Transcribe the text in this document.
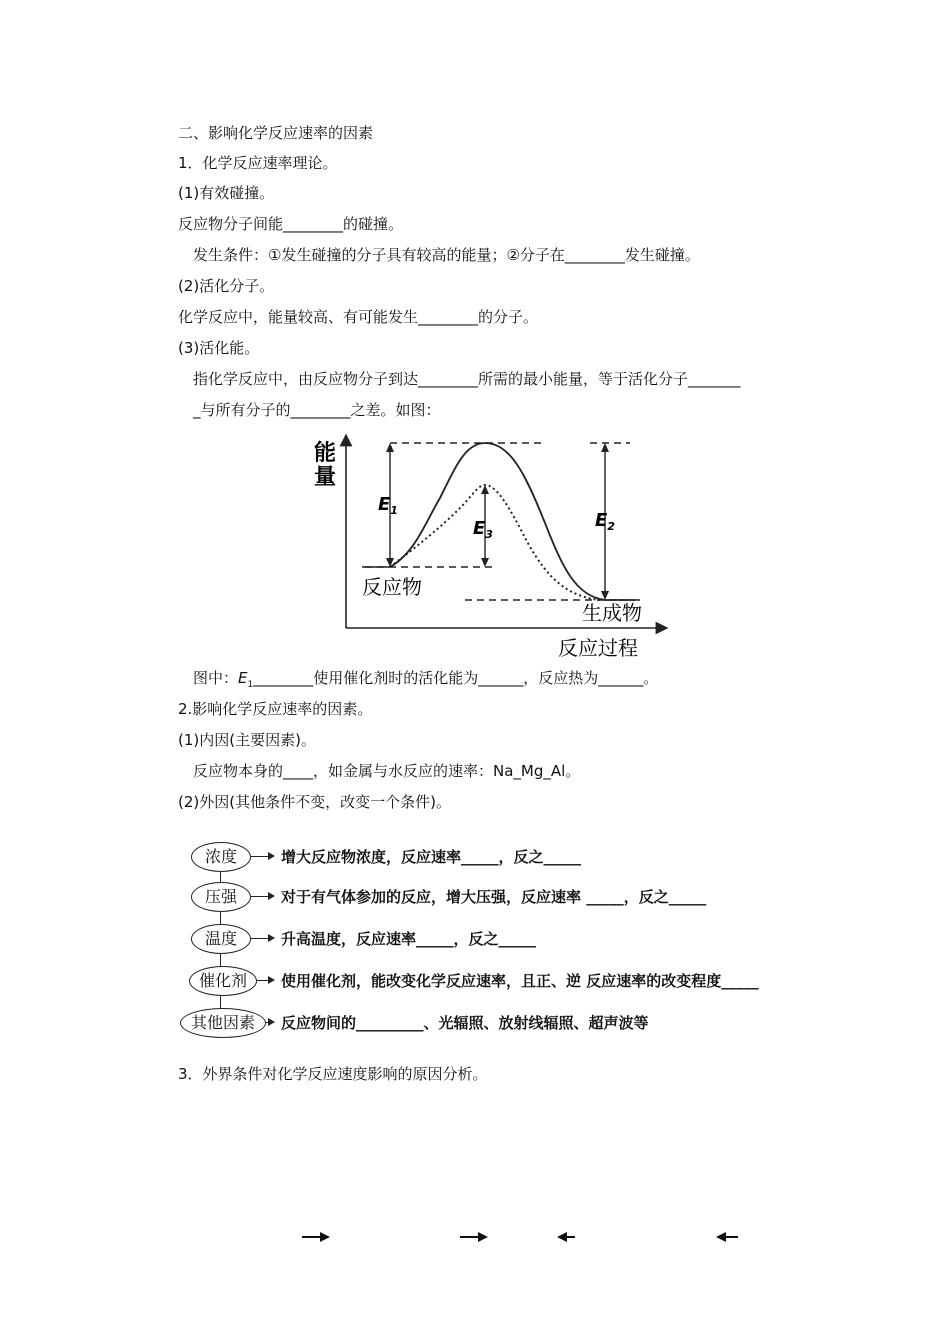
二、影响化学反应速率的因素
1．化学反应速率理论。
(1)有效碰撞。
反应物分子间能________的碰撞。
发生条件：①发生碰撞的分子具有较高的能量；②分子在________发生碰撞。
(2)活化分子。
化学反应中，能量较高、有可能发生________的分子。
(3)活化能。
指化学反应中，由反应物分子到达________所需的最小能量，等于活化分子_______
_与所有分子的________之差。如图：
能
量
$E_1$
$E_3$
$E_2$
反应物
生成物
反应过程
图中：$E_1\_\_\_\_\_\_\_\_$使用催化剂时的活化能为______，反应热为______。
2.影响化学反应速率的因素。
(1)内因(主要因素)。
反应物本身的____，如金属与水反应的速率：Na_Mg_Al。
(2)外因(其他条件不变，改变一个条件)。
浓度	增大反应物浓度，反应速率_____，反之_____
压强	对于有气体参加的反应，增大压强，反应速率 _____，反之_____
温度	升高温度，反应速率_____，反之_____
催化剂	使用催化剂，能改变化学反应速率，且正、逆 反应速率的改变程度_____
其他因素	反应物间的_________、光辐照、放射线辐照、超声波等
3．外界条件对化学反应速度影响的原因分析。
